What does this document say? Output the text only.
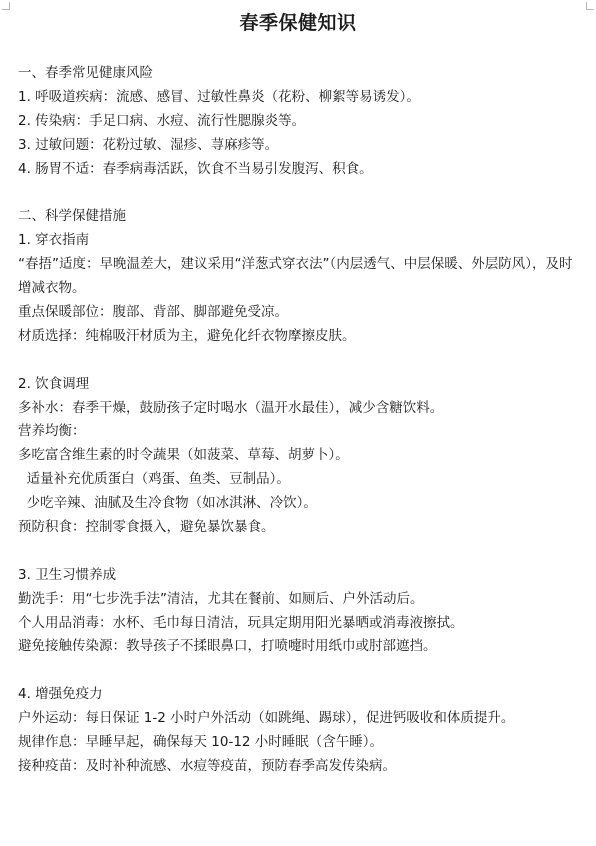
春季保健知识
一、春季常见健康风险
1. 呼吸道疾病：流感、感冒、过敏性鼻炎（花粉、柳絮等易诱发）。
2. 传染病：手足口病、水痘、流行性腮腺炎等。
3. 过敏问题：花粉过敏、湿疹、荨麻疹等。
4. 肠胃不适：春季病毒活跃，饮食不当易引发腹泻、积食。
二、科学保健措施
1. 穿衣指南
“春捂”适度：早晚温差大，建议采用“洋葱式穿衣法”（内层透气、中层保暖、外层防风），及时增减衣物。
重点保暖部位：腹部、背部、脚部避免受凉。
材质选择：纯棉吸汗材质为主，避免化纤衣物摩擦皮肤。
2. 饮食调理
多补水：春季干燥，鼓励孩子定时喝水（温开水最佳），减少含糖饮料。
营养均衡：
多吃富含维生素的时令蔬果（如菠菜、草莓、胡萝卜）。
适量补充优质蛋白（鸡蛋、鱼类、豆制品）。
少吃辛辣、油腻及生冷食物（如冰淇淋、冷饮）。
预防积食：控制零食摄入，避免暴饮暴食。
3. 卫生习惯养成
勤洗手：用“七步洗手法”清洁，尤其在餐前、如厕后、户外活动后。
个人用品消毒：水杯、毛巾每日清洁，玩具定期用阳光暴晒或消毒液擦拭。
避免接触传染源：教导孩子不揉眼鼻口，打喷嚏时用纸巾或肘部遮挡。
4. 增强免疫力
户外运动：每日保证 1-2 小时户外活动（如跳绳、踢球），促进钙吸收和体质提升。
规律作息：早睡早起，确保每天 10-12 小时睡眠（含午睡）。
接种疫苗：及时补种流感、水痘等疫苗，预防春季高发传染病。
